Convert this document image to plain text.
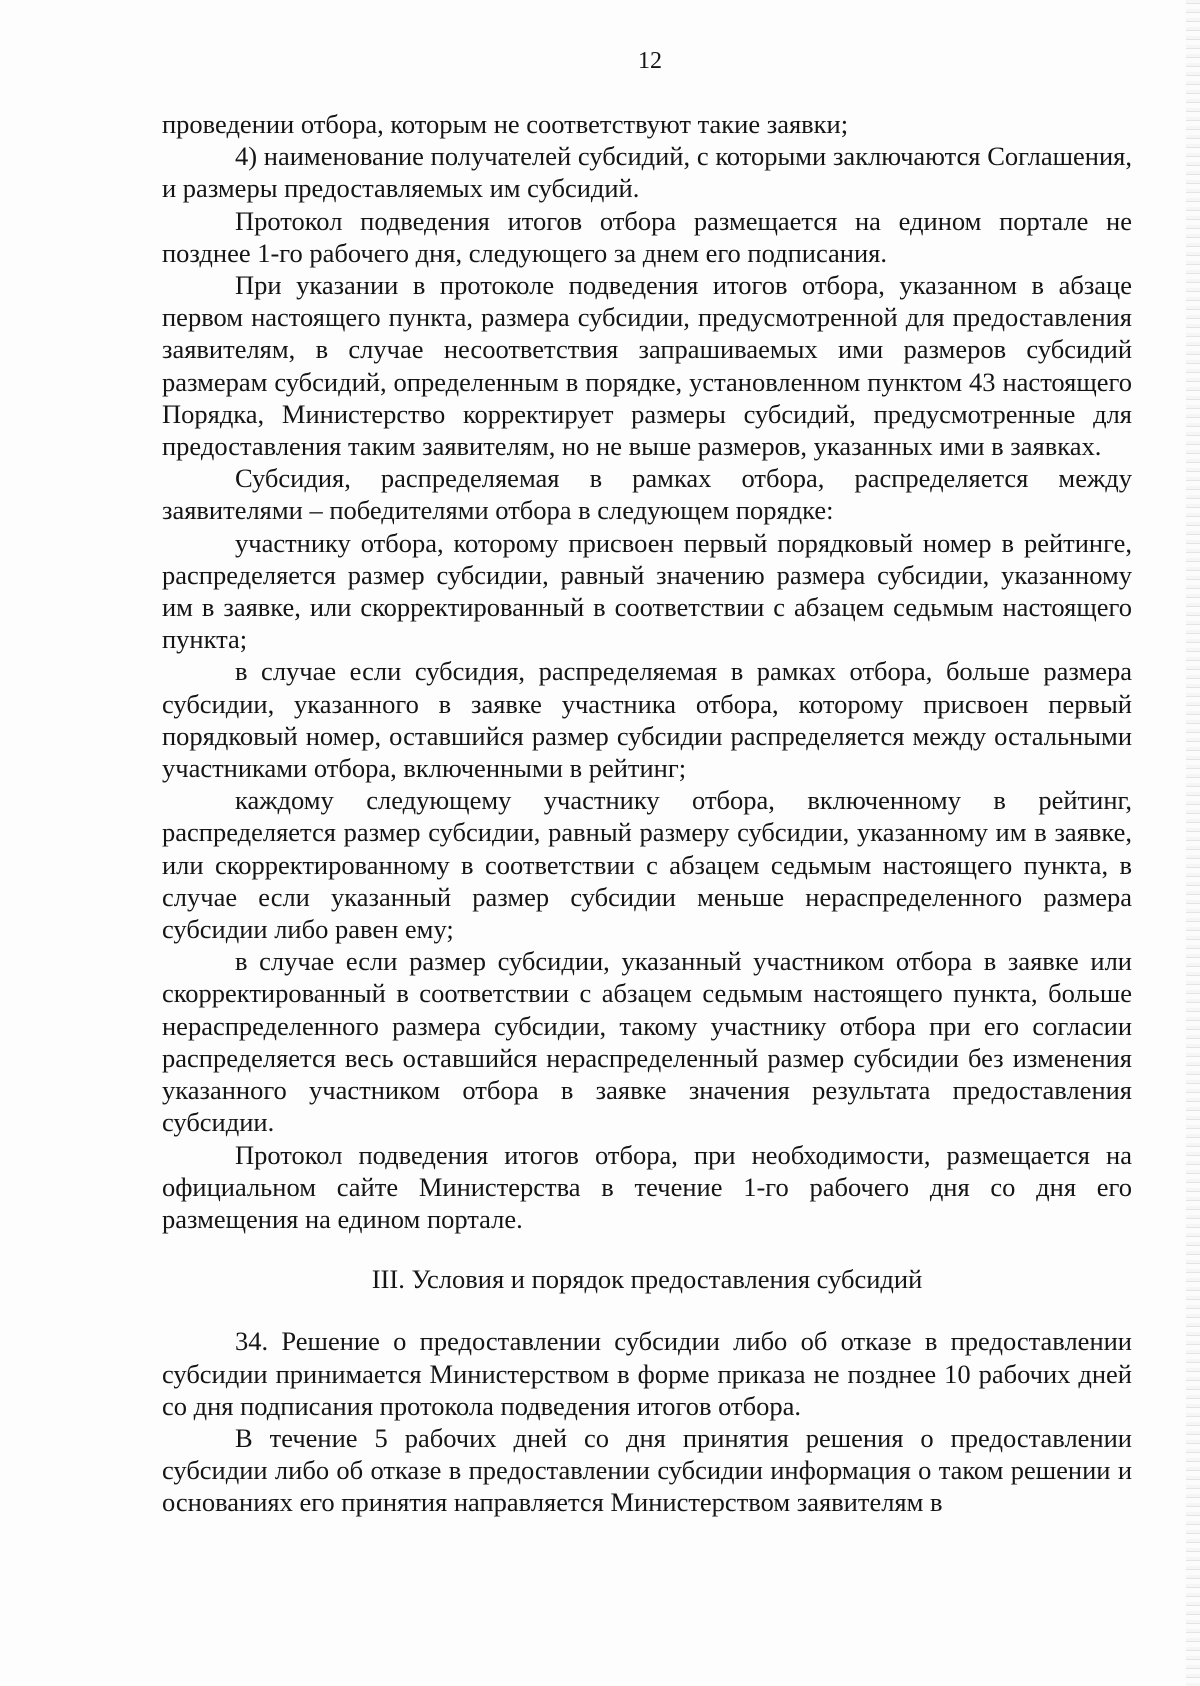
12

проведении отбора, которым не соответствуют такие заявки;

4) наименование получателей субсидий, с которыми заключаются Соглашения, и размеры предоставляемых им субсидий.

Протокол подведения итогов отбора размещается на едином портале не позднее 1-го рабочего дня, следующего за днем его подписания.

При указании в протоколе подведения итогов отбора, указанном в абзаце первом настоящего пункта, размера субсидии, предусмотренной для предоставления заявителям, в случае несоответствия запрашиваемых ими размеров субсидий размерам субсидий, определенным в порядке, установленном пунктом 43 настоящего Порядка, Министерство корректирует размеры субсидий, предусмотренные для предоставления таким заявителям, но не выше размеров, указанных ими в заявках.

Субсидия, распределяемая в рамках отбора, распределяется между заявителями – победителями отбора в следующем порядке:

участнику отбора, которому присвоен первый порядковый номер в рейтинге, распределяется размер субсидии, равный значению размера субсидии, указанному им в заявке, или скорректированный в соответствии с абзацем седьмым настоящего пункта;

в случае если субсидия, распределяемая в рамках отбора, больше размера субсидии, указанного в заявке участника отбора, которому присвоен первый порядковый номер, оставшийся размер субсидии распределяется между остальными участниками отбора, включенными в рейтинг;

каждому следующему участнику отбора, включенному в рейтинг, распределяется размер субсидии, равный размеру субсидии, указанному им в заявке, или скорректированному в соответствии с абзацем седьмым настоящего пункта, в случае если указанный размер субсидии меньше нераспределенного размера субсидии либо равен ему;

в случае если размер субсидии, указанный участником отбора в заявке или скорректированный в соответствии с абзацем седьмым настоящего пункта, больше нераспределенного размера субсидии, такому участнику отбора при его согласии распределяется весь оставшийся нераспределенный размер субсидии без изменения указанного участником отбора в заявке значения результата предоставления субсидии.

Протокол подведения итогов отбора, при необходимости, размещается на официальном сайте Министерства в течение 1-го рабочего дня со дня его размещения на едином портале.

III. Условия и порядок предоставления субсидий

34. Решение о предоставлении субсидии либо об отказе в предоставлении субсидии принимается Министерством в форме приказа не позднее 10 рабочих дней со дня подписания протокола подведения итогов отбора.

В течение 5 рабочих дней со дня принятия решения о предоставлении субсидии либо об отказе в предоставлении субсидии информация о таком решении и основаниях его принятия направляется Министерством заявителям в
